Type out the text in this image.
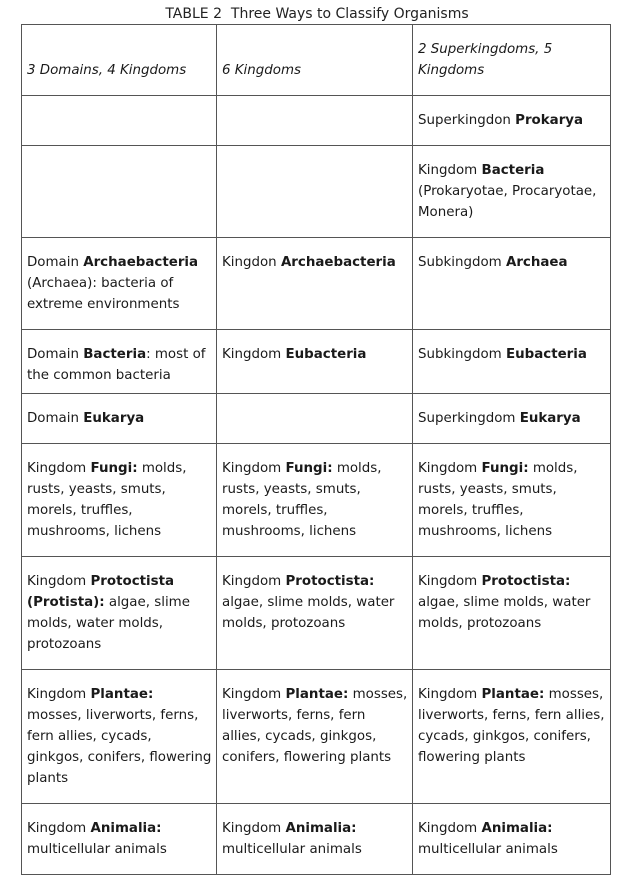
TABLE 2 Three Ways to Classify Organisms
3 Domains, 4 Kingdoms	6 Kingdoms	2 Superkingdoms, 5 Kingdoms
		Superkingdon Prokarya
		Kingdom Bacteria (Prokaryotae, Procaryotae, Monera)
Domain Archaebacteria (Archaea): bacteria of extreme environments	Kingdon Archaebacteria	Subkingdom Archaea
Domain Bacteria: most of the common bacteria	Kingdom Eubacteria	Subkingdom Eubacteria
Domain Eukarya		Superkingdom Eukarya
Kingdom Fungi: molds, rusts, yeasts, smuts, morels, truffles, mushrooms, lichens	Kingdom Fungi: molds, rusts, yeasts, smuts, morels, truffles, mushrooms, lichens	Kingdom Fungi: molds, rusts, yeasts, smuts, morels, truffles, mushrooms, lichens
Kingdom Protoctista (Protista): algae, slime molds, water molds, protozoans	Kingdom Protoctista: algae, slime molds, water molds, protozoans	Kingdom Protoctista: algae, slime molds, water molds, protozoans
Kingdom Plantae: mosses, liverworts, ferns, fern allies, cycads, ginkgos, conifers, flowering plants	Kingdom Plantae: mosses, liverworts, ferns, fern allies, cycads, ginkgos, conifers, flowering plants	Kingdom Plantae: mosses, liverworts, ferns, fern allies, cycads, ginkgos, conifers, flowering plants
Kingdom Animalia: multicellular animals	Kingdom Animalia: multicellular animals	Kingdom Animalia: multicellular animals
